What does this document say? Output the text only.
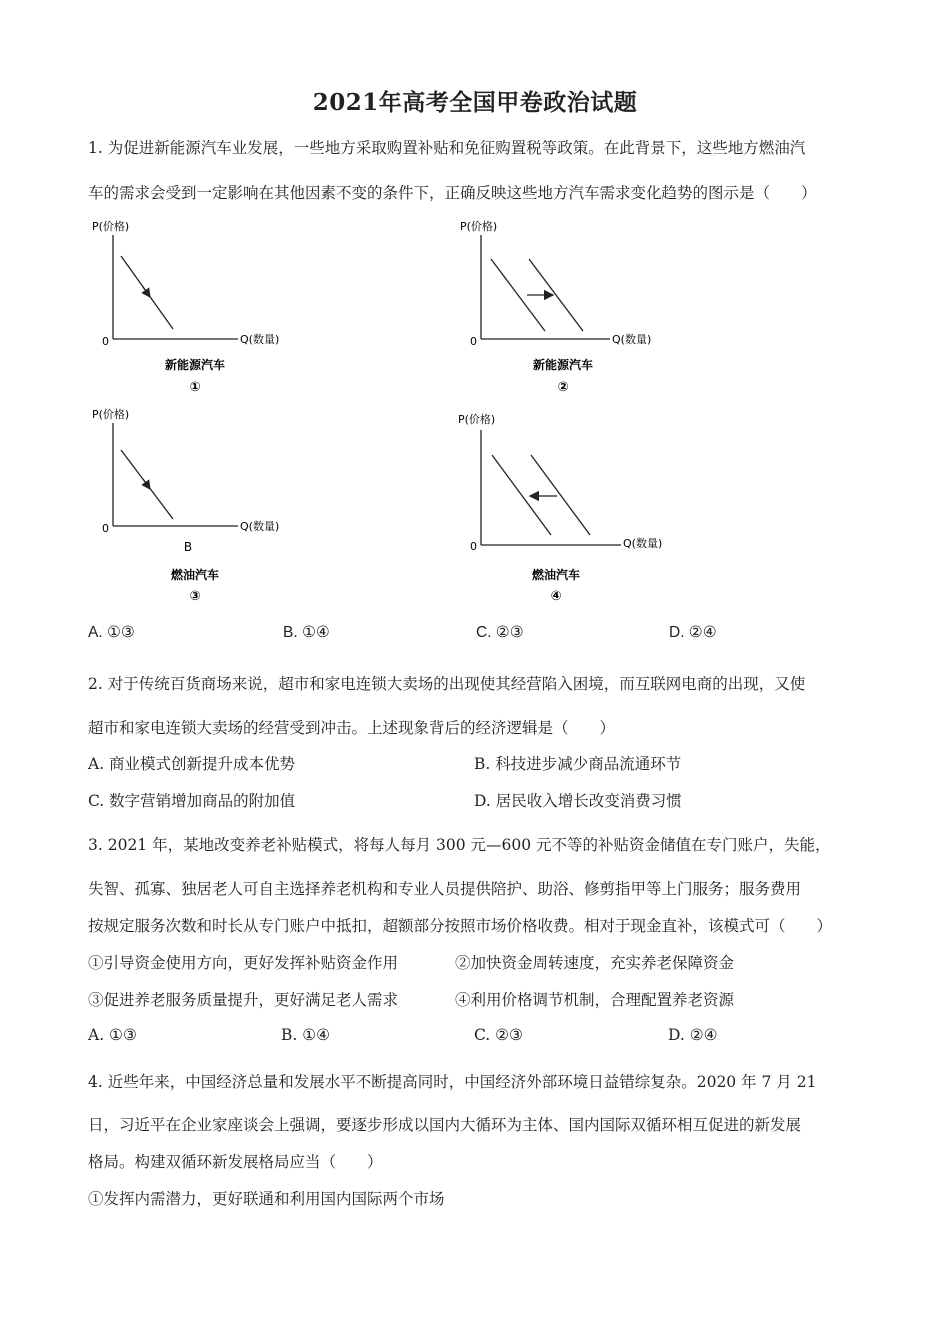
2021年高考全国甲卷政治试题
1. 为促进新能源汽车业发展，一些地方采取购置补贴和免征购置税等政策。在此背景下，这些地方燃油汽
车的需求会受到一定影响在其他因素不变的条件下，正确反映这些地方汽车需求变化趋势的图示是（　　）
P(价格)
0	Q(数量)
新能源汽车
①
P(价格)
0	Q(数量)
新能源汽车
②
P(价格)
0	Q(数量)
B
燃油汽车
③
P(价格)
0	Q(数量)
燃油汽车
④
A. ①③	B. ①④	C. ②③	D. ②④
2. 对于传统百货商场来说，超市和家电连锁大卖场的出现使其经营陷入困境，而互联网电商的出现，又使
超市和家电连锁大卖场的经营受到冲击。上述现象背后的经济逻辑是（　　）
A. 商业模式创新提升成本优势	B. 科技进步减少商品流通环节
C. 数字营销增加商品的附加值	D. 居民收入增长改变消费习惯
3. 2021 年，某地改变养老补贴模式，将每人每月 300 元—600 元不等的补贴资金储值在专门账户，失能，
失智、孤寡、独居老人可自主选择养老机构和专业人员提供陪护、助浴、修剪指甲等上门服务；服务费用
按规定服务次数和时长从专门账户中抵扣，超额部分按照市场价格收费。相对于现金直补，该模式可（　　）
①引导资金使用方向，更好发挥补贴资金作用	②加快资金周转速度，充实养老保障资金
③促进养老服务质量提升，更好满足老人需求	④利用价格调节机制，合理配置养老资源
A. ①③	B. ①④	C. ②③	D. ②④
4. 近些年来，中国经济总量和发展水平不断提高同时，中国经济外部环境日益错综复杂。2020 年 7 月 21
日，习近平在企业家座谈会上强调，要逐步形成以国内大循环为主体、国内国际双循环相互促进的新发展
格局。构建双循环新发展格局应当（　　）
①发挥内需潜力，更好联通和利用国内国际两个市场
